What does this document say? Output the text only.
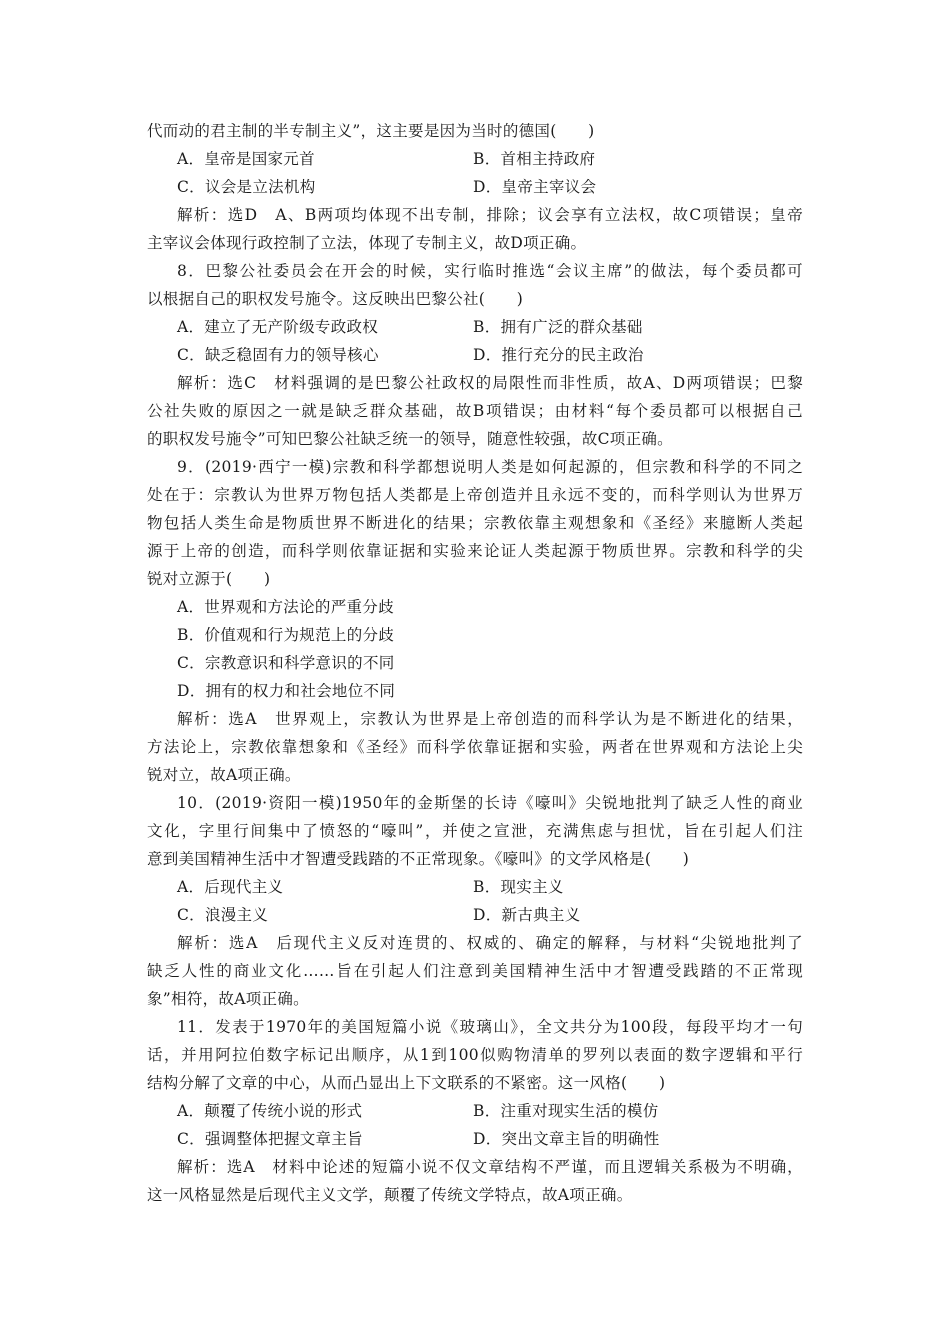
代而动的君主制的半专制主义”，这主要是因为当时的德国(　　)
A．皇帝是国家元首	B．首相主持政府
C．议会是立法机构	D．皇帝主宰议会
解析：选D　A、B两项均体现不出专制，排除；议会享有立法权，故C项错误；皇帝
主宰议会体现行政控制了立法，体现了专制主义，故D项正确。
8．巴黎公社委员会在开会的时候，实行临时推选“会议主席”的做法，每个委员都可
以根据自己的职权发号施令。这反映出巴黎公社(　　)
A．建立了无产阶级专政政权	B．拥有广泛的群众基础
C．缺乏稳固有力的领导核心	D．推行充分的民主政治
解析：选C　材料强调的是巴黎公社政权的局限性而非性质，故A、D两项错误；巴黎
公社失败的原因之一就是缺乏群众基础，故B项错误；由材料“每个委员都可以根据自己
的职权发号施令”可知巴黎公社缺乏统一的领导，随意性较强，故C项正确。
9．(2019·西宁一模)宗教和科学都想说明人类是如何起源的，但宗教和科学的不同之
处在于：宗教认为世界万物包括人类都是上帝创造并且永远不变的，而科学则认为世界万
物包括人类生命是物质世界不断进化的结果；宗教依靠主观想象和《圣经》来臆断人类起
源于上帝的创造，而科学则依靠证据和实验来论证人类起源于物质世界。宗教和科学的尖
锐对立源于(　　)
A．世界观和方法论的严重分歧
B．价值观和行为规范上的分歧
C．宗教意识和科学意识的不同
D．拥有的权力和社会地位不同
解析：选A　世界观上，宗教认为世界是上帝创造的而科学认为是不断进化的结果，
方法论上，宗教依靠想象和《圣经》而科学依靠证据和实验，两者在世界观和方法论上尖
锐对立，故A项正确。
10．(2019·资阳一模)1950年的金斯堡的长诗《嚎叫》尖锐地批判了缺乏人性的商业
文化，字里行间集中了愤怒的“嚎叫”，并使之宣泄，充满焦虑与担忧，旨在引起人们注
意到美国精神生活中才智遭受践踏的不正常现象。《嚎叫》的文学风格是(　　)
A．后现代主义	B．现实主义
C．浪漫主义	D．新古典主义
解析：选A　后现代主义反对连贯的、权威的、确定的解释，与材料“尖锐地批判了
缺乏人性的商业文化……旨在引起人们注意到美国精神生活中才智遭受践踏的不正常现
象”相符，故A项正确。
11．发表于1970年的美国短篇小说《玻璃山》，全文共分为100段，每段平均才一句
话，并用阿拉伯数字标记出顺序，从1到100似购物清单的罗列以表面的数字逻辑和平行
结构分解了文章的中心，从而凸显出上下文联系的不紧密。这一风格(　　)
A．颠覆了传统小说的形式	B．注重对现实生活的模仿
C．强调整体把握文章主旨	D．突出文章主旨的明确性
解析：选A　材料中论述的短篇小说不仅文章结构不严谨，而且逻辑关系极为不明确，
这一风格显然是后现代主义文学，颠覆了传统文学特点，故A项正确。
